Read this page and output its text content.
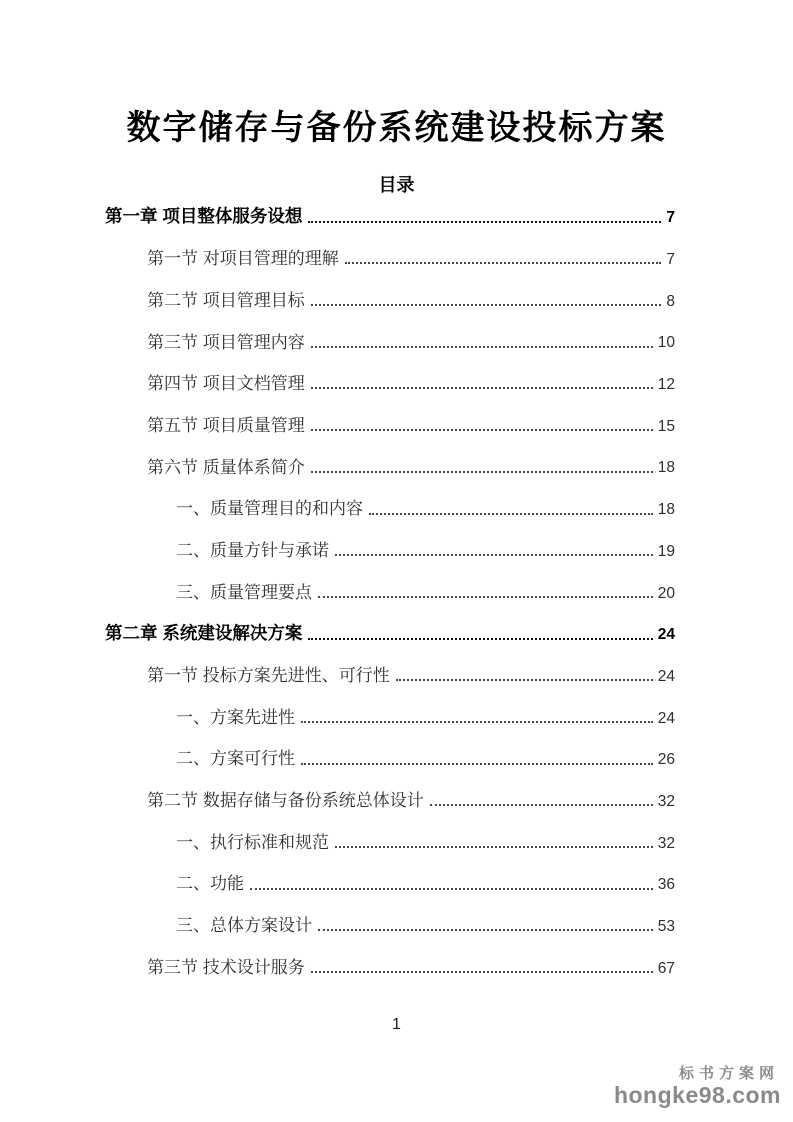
数字储存与备份系统建设投标方案
目录
第一章 项目整体服务设想	7
第一节 对项目管理的理解	7
第二节 项目管理目标	8
第三节 项目管理内容	10
第四节 项目文档管理	12
第五节 项目质量管理	15
第六节 质量体系简介	18
一、质量管理目的和内容	18
二、质量方针与承诺	19
三、质量管理要点	20
第二章 系统建设解决方案	24
第一节 投标方案先进性、可行性	24
一、方案先进性	24
二、方案可行性	26
第二节 数据存储与备份系统总体设计	32
一、执行标准和规范	32
二、功能	36
三、总体方案设计	53
第三节 技术设计服务	67
1
标书方案网
hongke98.com
